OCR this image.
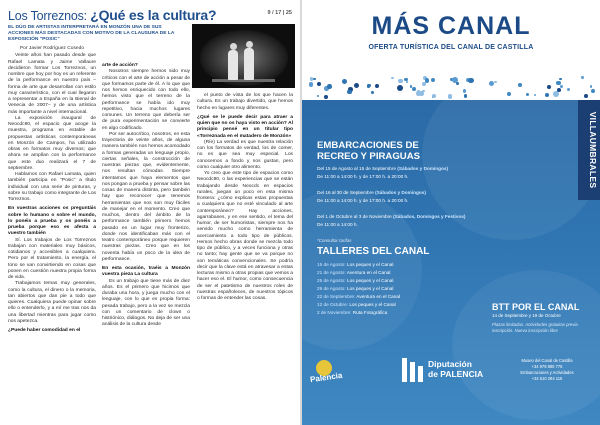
Los Torreznos: ¿Qué es la cultura?	9 / 17 | 25
EL DÚO DE ARTISTAS INTERPRETARÁ EN MONZÓN UNA DE SUS ACCIONES MÁS DESTACADAS CON MOTIVO DE LA CLAUSURA DE LA EXPOSICIÓN "POSIC"

Por Javier Rodríguez Cosedo

Veinte años han pasado desde que Rafael Lamata y Jaime Vallaure decidieron formar Los Torreznos, un nombre que hoy por hoy es un referente de la performance en nuestro país –forma de arte que desarrollan con estilo muy característico, con el cual llegaron a representar a España en la Bienal de Venecia de 2007– y de una artística más importante a nivel internacional.

La exposición inaugural de Neocdc90, el espacio que acoge la muestra, programa en estable de propuestas artísticas contemporáneas en Monzón de Campos, ha utilizado obras en formatos muy diversos; que ahora se amplían con la performance que este duo realizará el 7 de septiembre.

Hablamos con Rafael Lamata, quien también participa en "Posic" a título individual con una serie de pinturas, y sobre su trabajo como integrante de Los Torreznos.

En vuestras acciones os preguntáis sobre lo humano o sobre el mundo, lo ponéis a prueba y os ponéis a prueba porque eso es afecta a vuestro también

Sí. Los trabajos de Los Torreznos trabajan con materiales muy básicos, cotidianos y accesibles a cualquiera. Pero por el tratamiento, la energía, el tono se van convirtiendo en cosas que ponen en cuestión nuestra propia forma de vida.

Trabajamos temas muy generales, como la cultura, el dinero o la memoria, tan abiertos que dan pie a todo que quieres. Cualquiera puede opinar sobre ello o entenderlo, y a mí me tras nos da una libertad mientras para jugar como nos apetezca.

¿Puede haber comodidad en el

arte de acción?

Nosotros siempre hemos sido muy críticos con el arte de acción a pesar de que formamos parte de él. A lo que que nos hemos enriquecido con todo ello, hemos visto que el terreno de la performance se había ido muy repetitivo, hacia muchos lugares comunes. Un terreno que debería ser de pura experimentación se convierte en algo codificado.

Por ser autocrítico, nosotros, en esta trayectoria de veinte años, de alguna manera también nos hemos acomodado a formas generadas un lenguaje propio, ciertas señales, la construcción de nuestras piezas que, evidentemente, nos resultan cómodas. Siempre intentamos que haya elementos que nos pongan a prueba y pensar sobre las cosas de manera distinta, pero también hay que reconocer que tenemos herramientas que nos son muy fáciles de manejar en el momento. Creo que muchos, dentro del ámbito de la performance también primero hemos pasado en un lugar muy fronterizo, donde nos identificaban más con el teatro contemporáneo porque requieren nuestras piezas. Creo que en los noventa había un poco de la idea de performance.

En esta ocasión, traéis a Monzón vuestra pieza La cultura

Es un trabajo que tiene más de diez años. Es el primero que hicimos que duraba una hora, y juega mucho con el lenguaje, con lo que es propia forma: pesada trabajo, pero a la vez se mezcla con un comentario de clown o histriónico, diálogos. No deja de ser una análisis de la cultura desde

el punto de vista de los que hacen la cultura. Es un trabajo divertido, que hemos hecho en lugares muy diferentes.

¿Qué se le puede decir para atraer a quien que no os haya visto en acción? Al principio pensé en un titular tipo «Torreznada en el matadero de Monzón»

(Ríe) La verdad es que nuestra relación con los formatos de verdad, los de comer, no es que sea muy especial. Los conocemos a fondo y nos gustan, pero como cualquier otro alimento.

Yo creo que este tipo de espacios como Neocdc90, o las experiencias que se están trabajando desde Neocdc en espacios rurales, juegan un poco en esta misma frontera: ¿cómo explicas estas propuestas a cualquiera que no esté vinculado al arte contemporáneo? Hay acciones, agarrabanes, y en ese sentido, el tema del humor, de ser humoristas, siempre nos ha servido mucho como herramienta de acercamiento a todo tipo de públicos. Hemos hecho obras donde se mezcla todo tipo de público, y a veces funciona y otras no tanto; hay gente que se va porque no son temáticas convencionales. Se podría decir que la clave está en atravesar a estas lecturas mismo a otras propias que vemos a hacer eso el. El humor, como consecuencia de ser el patetismo de nuestros roles de nuestras españoleces, de nuestros tópicos o formas de entender las cosas.

MÁS CANAL
OFERTA TURÍSTICA DEL CANAL DE CASTILLA
VILLAUMBRALES
EMBARCACIONES DE
RECREO Y PIRAGUAS
Del 15 de Agosto al 15 de Septiembre (Sábados y Domingos)
De 11:00 a 14:00 h. y de 17:00 h. a 20:00 h.
Del 16 al 30 de Septiembre (Sábados y Domingos)
De 11:00 a 14:00 h. y de 17:00 h. a 20:00 h.
Del 1 de Octubre al 3 de Noviembre (Sábados, Domingos y Festivos)
De 11:00 a 14:00 h.
*Consultar tarifas
TALLERES DEL CANAL
15 de Agosto: Los peques y el Canal
21 de Agosto: Aventura en el Canal
25 de Agosto: Los peques y el Canal
29 de Agosto: Los peques y el Canal
22 de Septiembre: Aventura en el Canal
12 de Octubre: Los peques y el Canal
2 de Noviembre: Ruta Fotográfica
BTT POR EL CANAL
14 de Septiembre y 19 de Octubre
Plazas limitadas. Actividades gratuitas previa inscripción. Nueva inscripción libre
Palencia
Diputación
de PALENCIA
Museo del Canal de Castilla
+34 979 880 775
Embarcaciones y Actividades
+34 610 294 115
